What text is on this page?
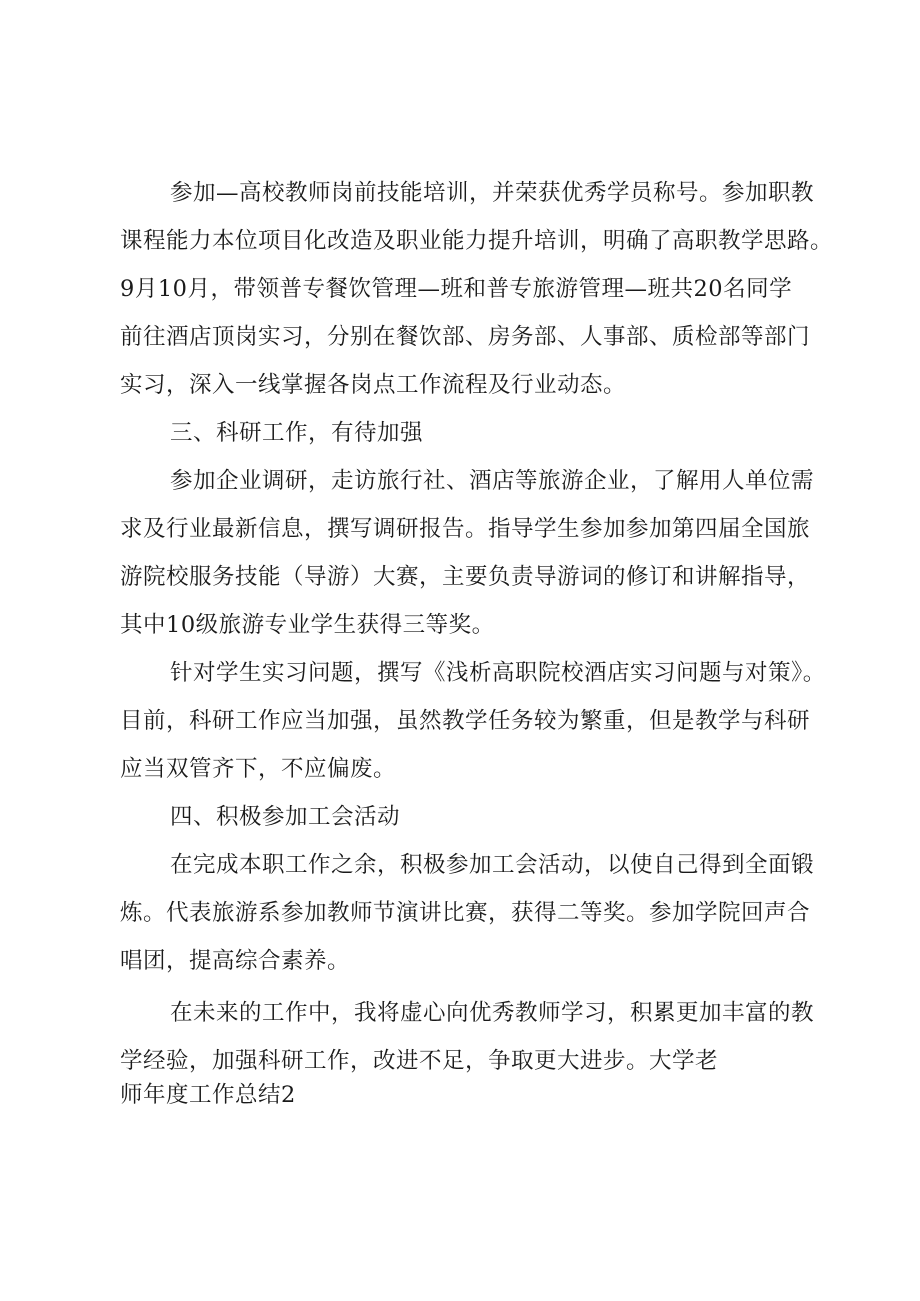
参加—高校教师岗前技能培训，并荣获优秀学员称号。参加职教
课程能力本位项目化改造及职业能力提升培训，明确了高职教学思路。
9月10月，带领普专餐饮管理—班和普专旅游管理—班共20名同学
前往酒店顶岗实习，分别在餐饮部、房务部、人事部、质检部等部门
实习，深入一线掌握各岗点工作流程及行业动态。
三、科研工作，有待加强
参加企业调研，走访旅行社、酒店等旅游企业，了解用人单位需
求及行业最新信息，撰写调研报告。指导学生参加参加第四届全国旅
游院校服务技能（导游）大赛，主要负责导游词的修订和讲解指导，
其中10级旅游专业学生获得三等奖。
针对学生实习问题，撰写《浅析高职院校酒店实习问题与对策》。
目前，科研工作应当加强，虽然教学任务较为繁重，但是教学与科研
应当双管齐下，不应偏废。
四、积极参加工会活动
在完成本职工作之余，积极参加工会活动，以使自己得到全面锻
炼。代表旅游系参加教师节演讲比赛，获得二等奖。参加学院回声合
唱团，提高综合素养。
在未来的工作中，我将虚心向优秀教师学习，积累更加丰富的教
学经验，加强科研工作，改进不足，争取更大进步。大学老
师年度工作总结2
